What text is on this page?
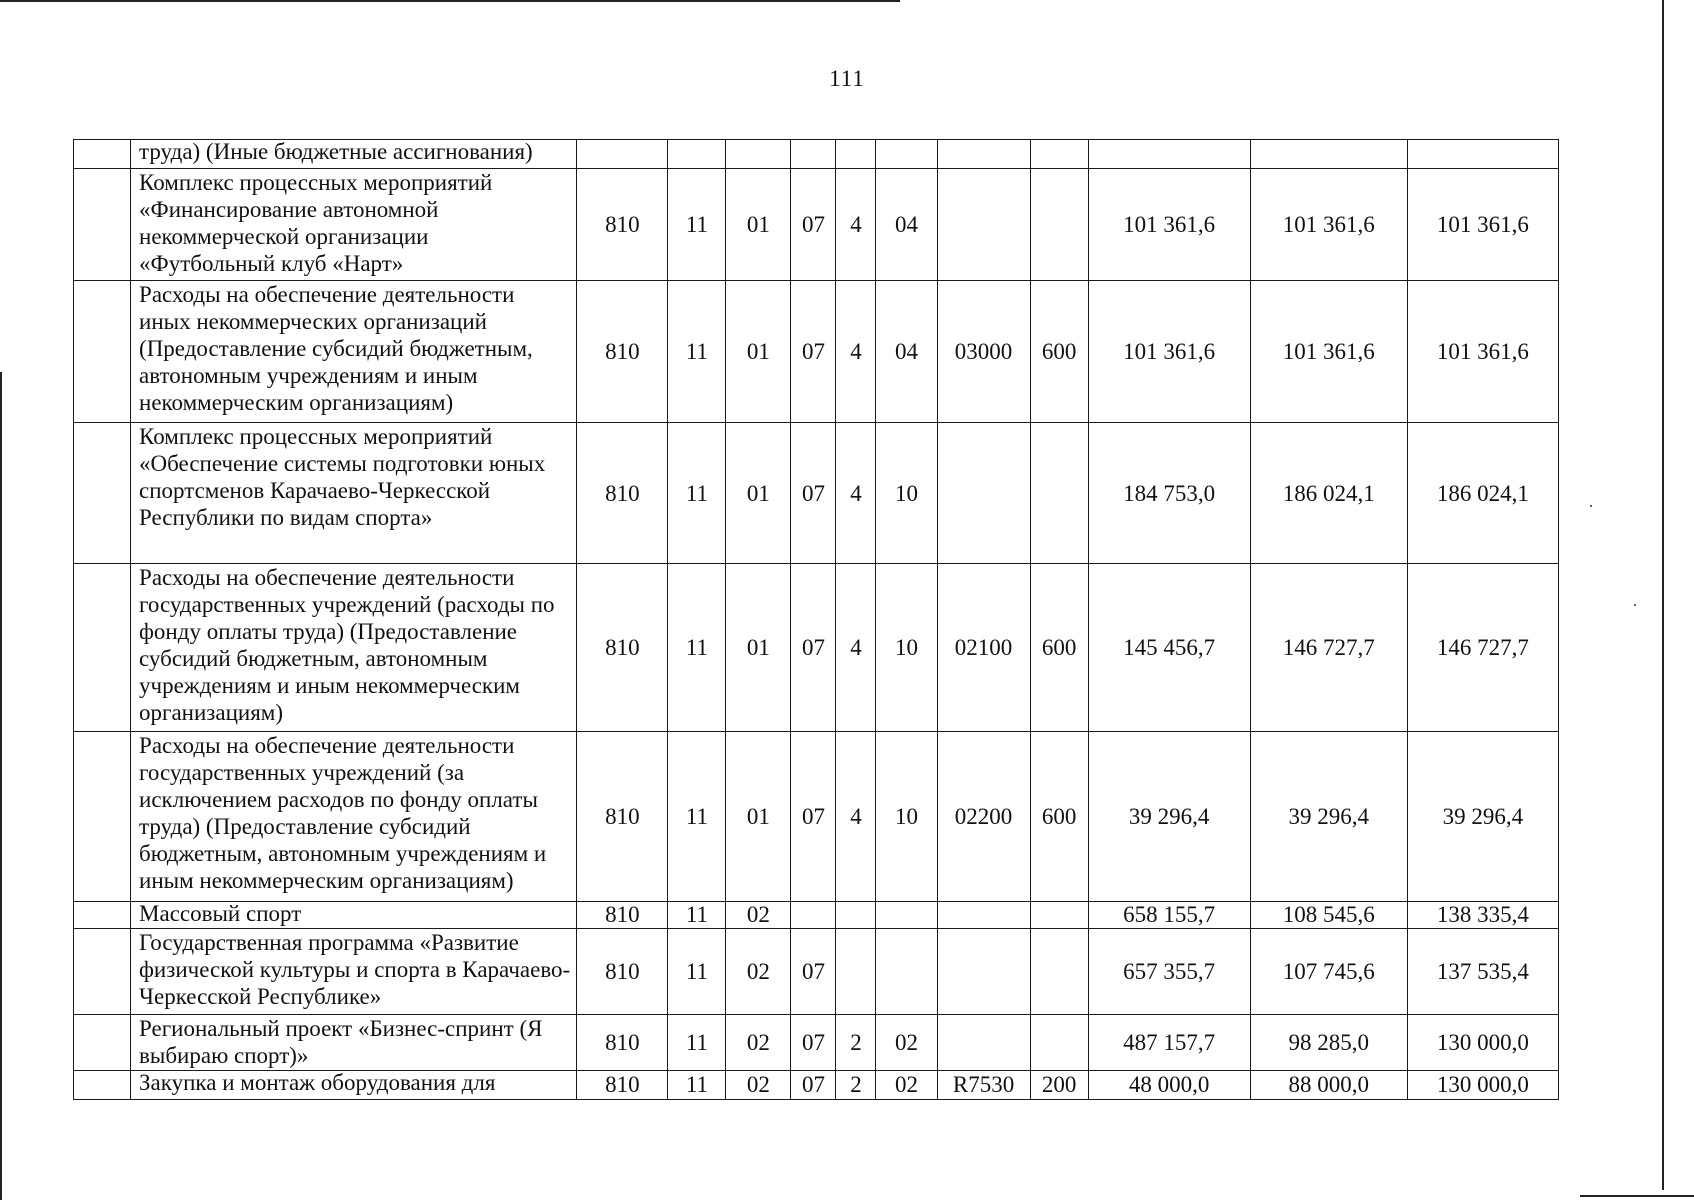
111
	труда) (Иные бюджетные ассигнования)											
	Комплекс процессных мероприятий «Финансирование автономной некоммерческой организации «Футбольный клуб «Нарт»	810	11	01	07	4	04			101 361,6	101 361,6	101 361,6
	Расходы на обеспечение деятельности иных некоммерческих организаций (Предоставление субсидий бюджетным, автономным учреждениям и иным некоммерческим организациям)	810	11	01	07	4	04	03000	600	101 361,6	101 361,6	101 361,6
	Комплекс процессных мероприятий «Обеспечение системы подготовки юных спортсменов Карачаево-Черкесской Республики по видам спорта»	810	11	01	07	4	10			184 753,0	186 024,1	186 024,1
	Расходы на обеспечение деятельности государственных учреждений (расходы по фонду оплаты труда) (Предоставление субсидий бюджетным, автономным учреждениям и иным некоммерческим организациям)	810	11	01	07	4	10	02100	600	145 456,7	146 727,7	146 727,7
	Расходы на обеспечение деятельности государственных учреждений (за исключением расходов по фонду оплаты труда) (Предоставление субсидий бюджетным, автономным учреждениям и иным некоммерческим организациям)	810	11	01	07	4	10	02200	600	39 296,4	39 296,4	39 296,4
	Массовый спорт	810	11	02						658 155,7	108 545,6	138 335,4
	Государственная программа «Развитие физической культуры и спорта в Карачаево-Черкесской Республике»	810	11	02	07					657 355,7	107 745,6	137 535,4
	Региональный проект «Бизнес-спринт (Я выбираю спорт)»	810	11	02	07	2	02			487 157,7	98 285,0	130 000,0
	Закупка и монтаж оборудования для	810	11	02	07	2	02	R7530	200	48 000,0	88 000,0	130 000,0
